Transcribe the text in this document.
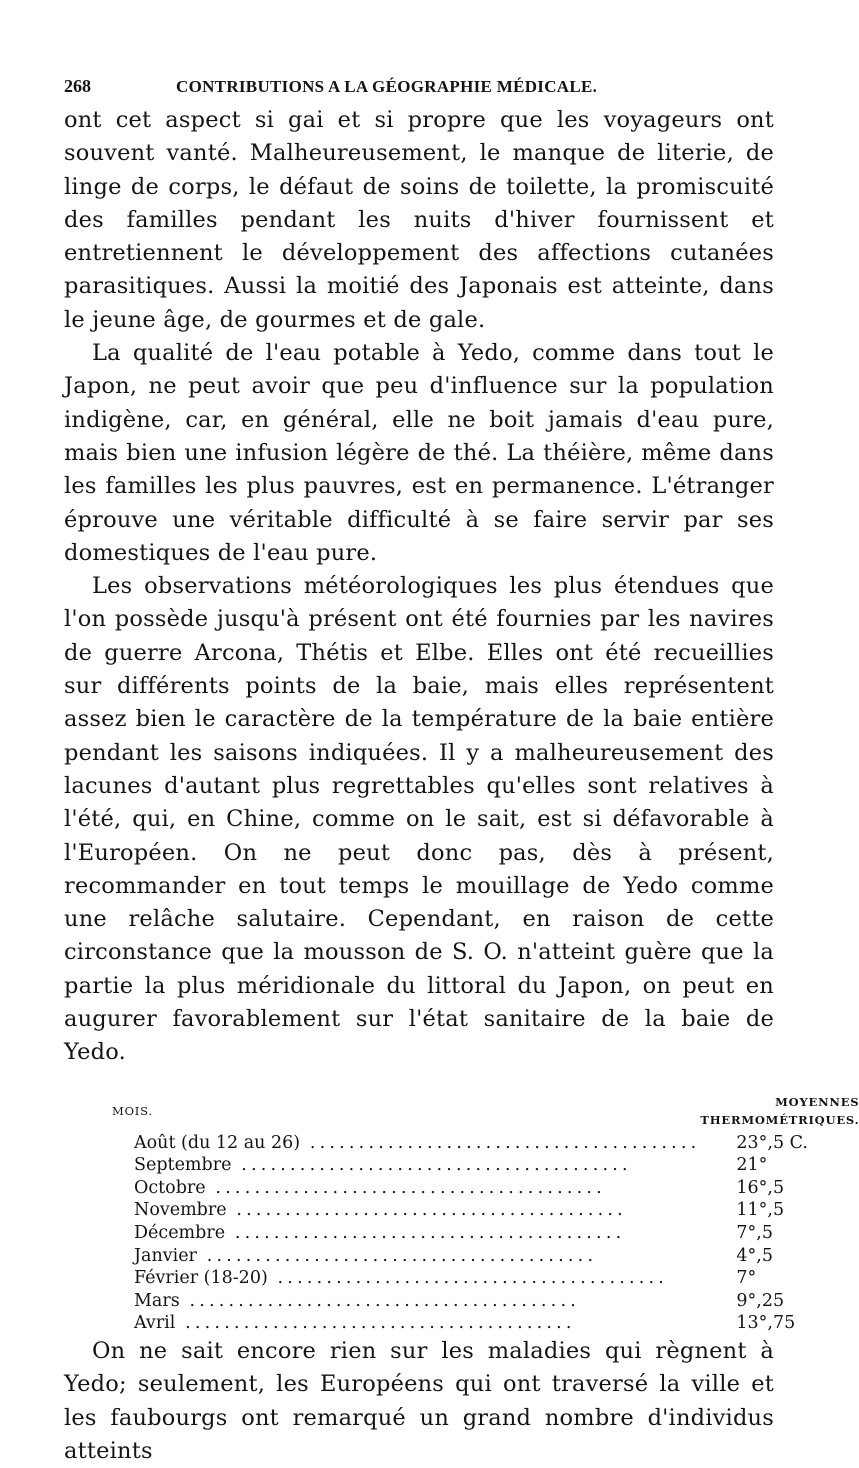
268	CONTRIBUTIONS A LA GÉOGRAPHIE MÉDICALE.

ont cet aspect si gai et si propre que les voyageurs ont souvent vanté. Malheureusement, le manque de literie, de linge de corps, le défaut de soins de toilette, la promiscuité des familles pendant les nuits d'hiver fournissent et entretiennent le développement des affections cutanées parasitiques. Aussi la moitié des Japonais est atteinte, dans le jeune âge, de gourmes et de gale.

La qualité de l'eau potable à Yedo, comme dans tout le Japon, ne peut avoir que peu d'influence sur la population indigène, car, en général, elle ne boit jamais d'eau pure, mais bien une infusion légère de thé. La théière, même dans les familles les plus pauvres, est en permanence. L'étranger éprouve une véritable difficulté à se faire servir par ses domestiques de l'eau pure.

Les observations météorologiques les plus étendues que l'on possède jusqu'à présent ont été fournies par les navires de guerre Arcona, Thétis et Elbe. Elles ont été recueillies sur différents points de la baie, mais elles représentent assez bien le caractère de la température de la baie entière pendant les saisons indiquées. Il y a malheureusement des lacunes d'autant plus regrettables qu'elles sont relatives à l'été, qui, en Chine, comme on le sait, est si défavorable à l'Européen. On ne peut donc pas, dès à présent, recommander en tout temps le mouillage de Yedo comme une relâche salutaire. Cependant, en raison de cette circonstance que la mousson de S. O. n'atteint guère que la partie la plus méridionale du littoral du Japon, on peut en augurer favorablement sur l'état sanitaire de la baie de Yedo.

MOIS.	MOYENNES THERMOMÉTRIQUES.
Août (du 12 au 26) ........................................	23°,5 C.
Septembre ........................................	21°
Octobre ........................................	16°,5
Novembre ........................................	11°,5
Décembre ........................................	7°,5
Janvier ........................................	4°,5
Février (18-20) ........................................	7°
Mars ........................................	9°,25
Avril ........................................	13°,75

On ne sait encore rien sur les maladies qui règnent à Yedo; seulement, les Européens qui ont traversé la ville et les faubourgs ont remarqué un grand nombre d'individus atteints
